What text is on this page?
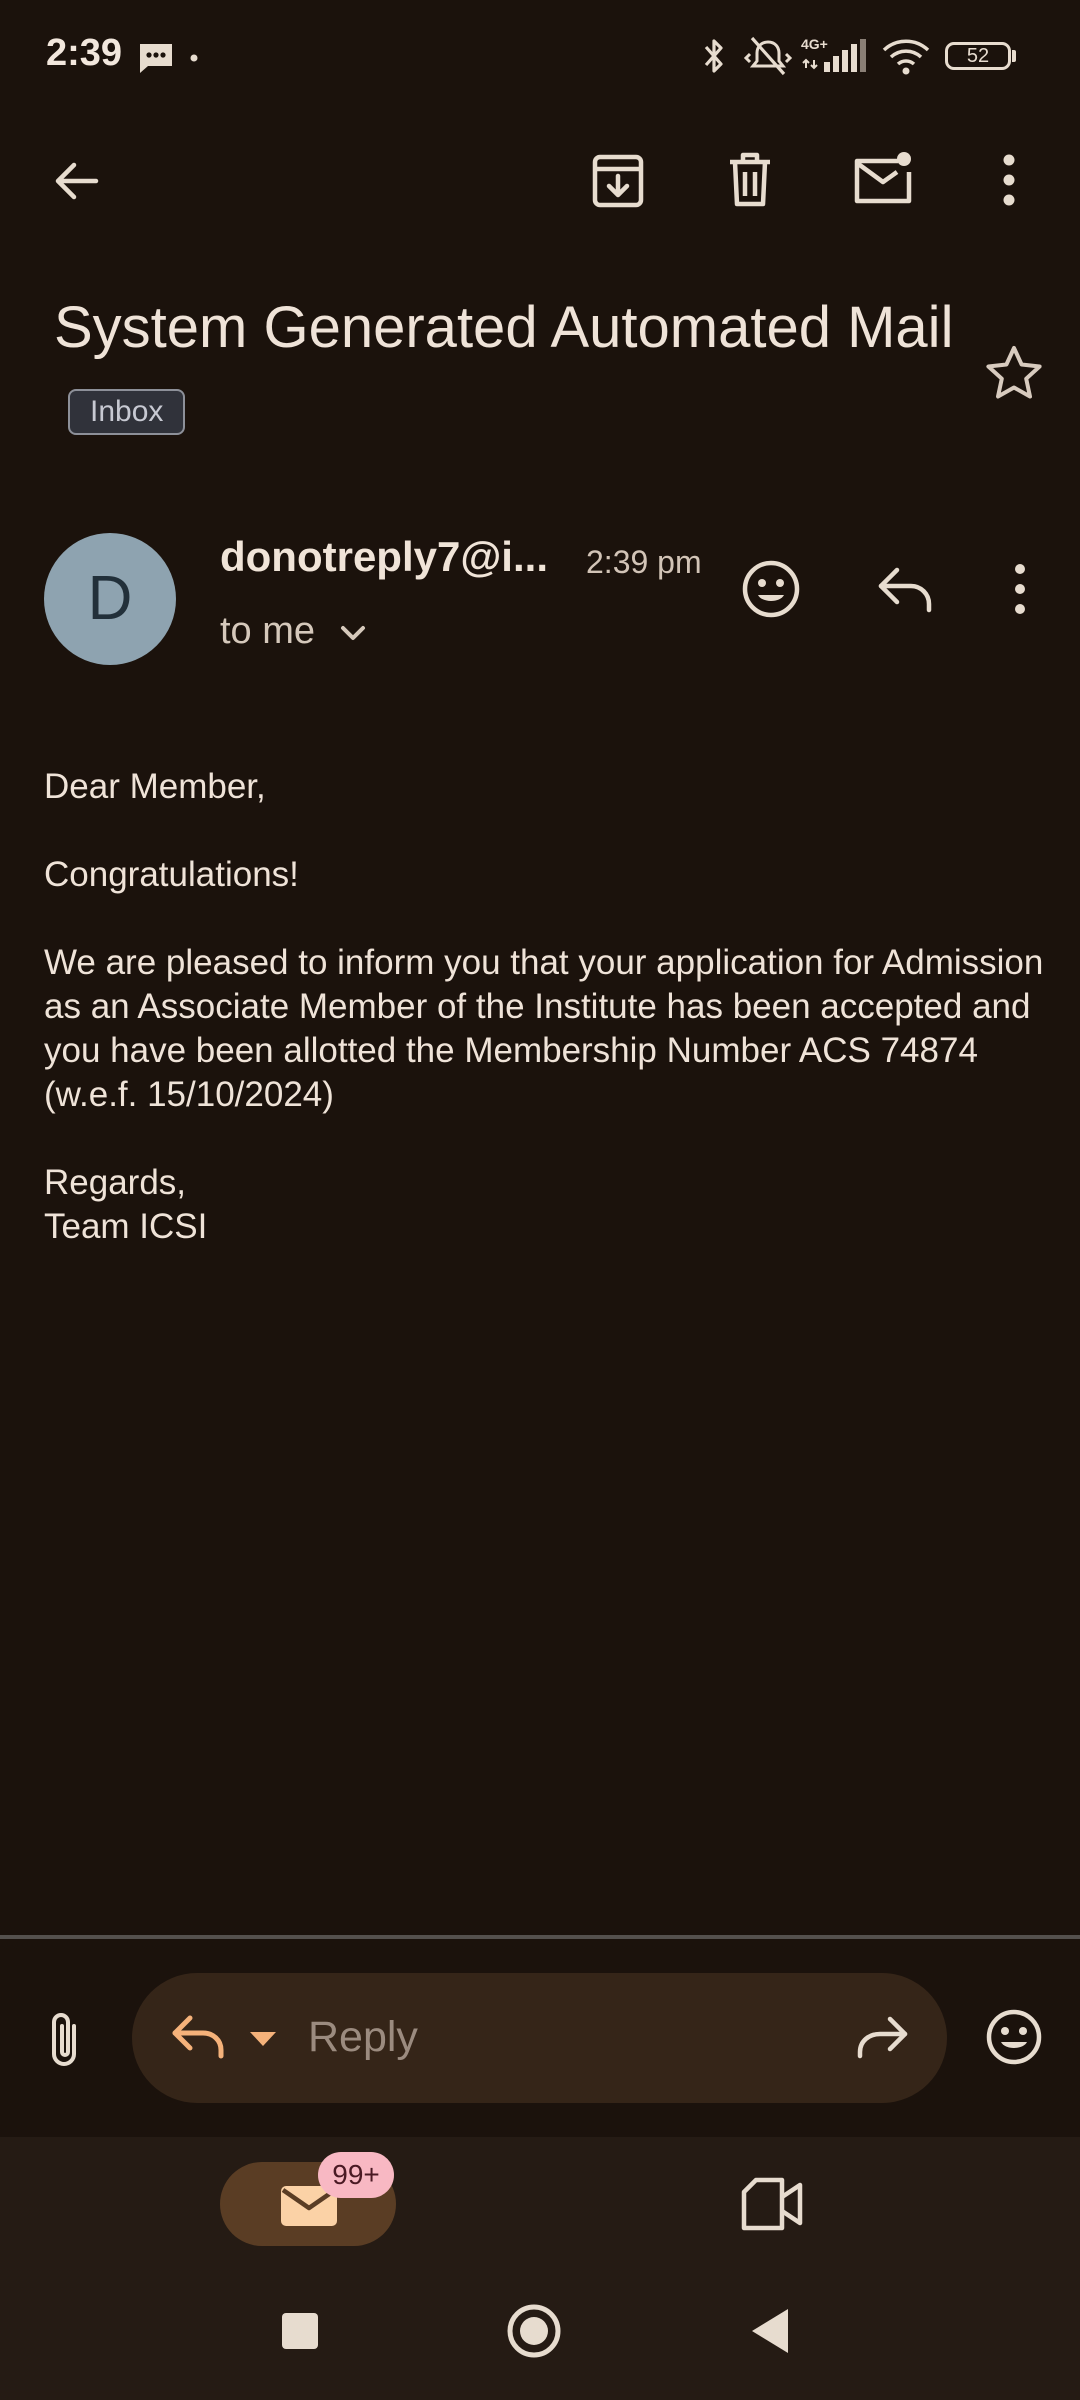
2:39	4G+
52
System Generated Automated Mail Inbox
D
donotreply7@i...	2:39 pm
to me

Dear Member,

Congratulations!

We are pleased to inform you that your application for Admission as an Associate Member of the Institute has been accepted and you have been allotted the Membership Number ACS 74874 (w.e.f. 15/10/2024)

Regards,

Team ICSI

Reply
99+
